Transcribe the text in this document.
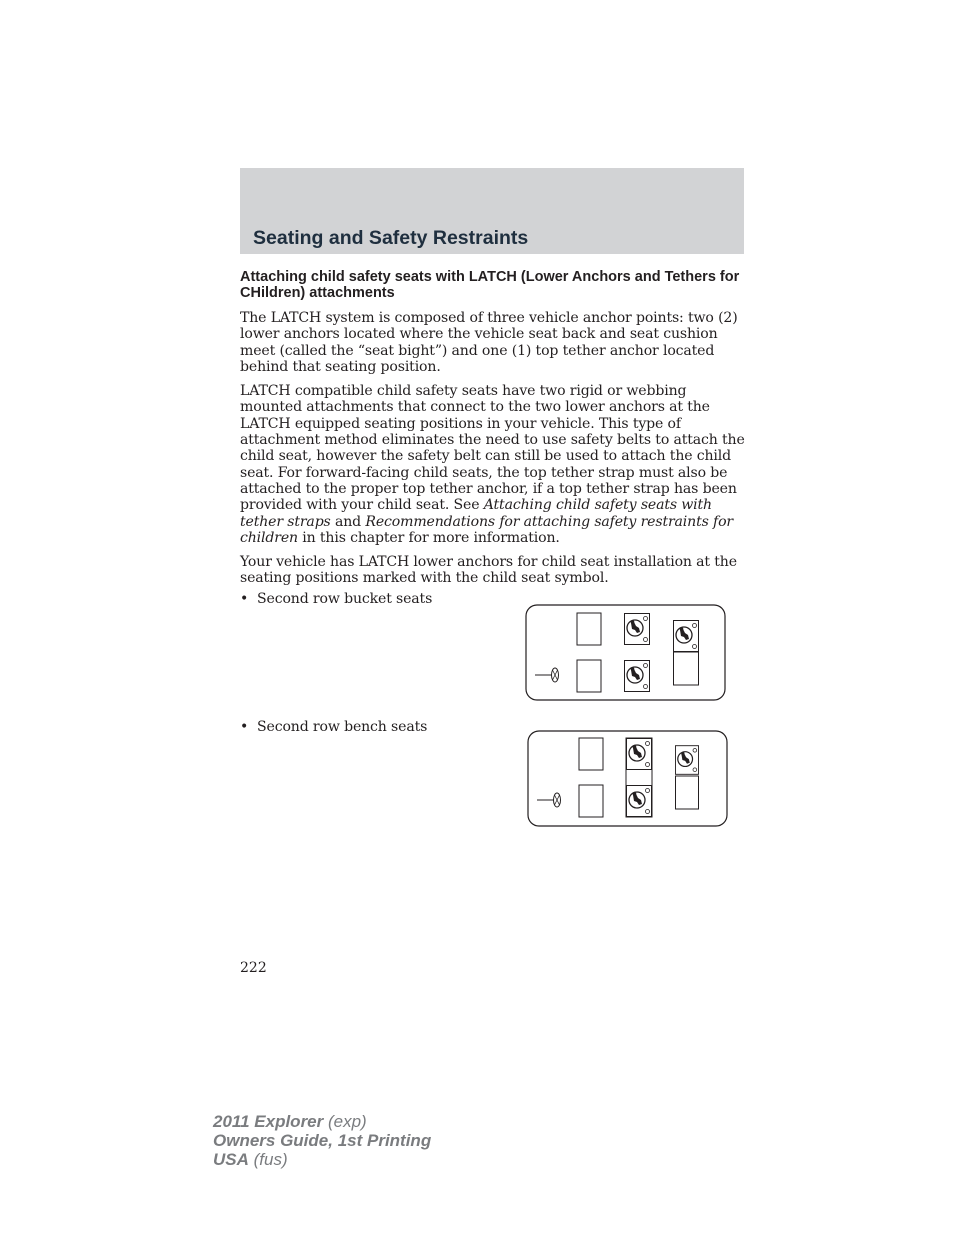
Seating and Safety Restraints

Attaching child safety seats with LATCH (Lower Anchors and Tethers for CHildren) attachments

The LATCH system is composed of three vehicle anchor points: two (2) lower anchors located where the vehicle seat back and seat cushion meet (called the “seat bight”) and one (1) top tether anchor located behind that seating position.

LATCH compatible child safety seats have two rigid or webbing mounted attachments that connect to the two lower anchors at the LATCH equipped seating positions in your vehicle. This type of attachment method eliminates the need to use safety belts to attach the child seat, however the safety belt can still be used to attach the child seat. For forward-facing child seats, the top tether strap must also be attached to the proper top tether anchor, if a top tether strap has been provided with your child seat. See Attaching child safety seats with tether straps and Recommendations for attaching safety restraints for children in this chapter for more information.

Your vehicle has LATCH lower anchors for child seat installation at the seating positions marked with the child seat symbol.

• Second row bucket seats
• Second row bench seats
222
2011 Explorer (exp)
Owners Guide, 1st Printing
USA (fus)
